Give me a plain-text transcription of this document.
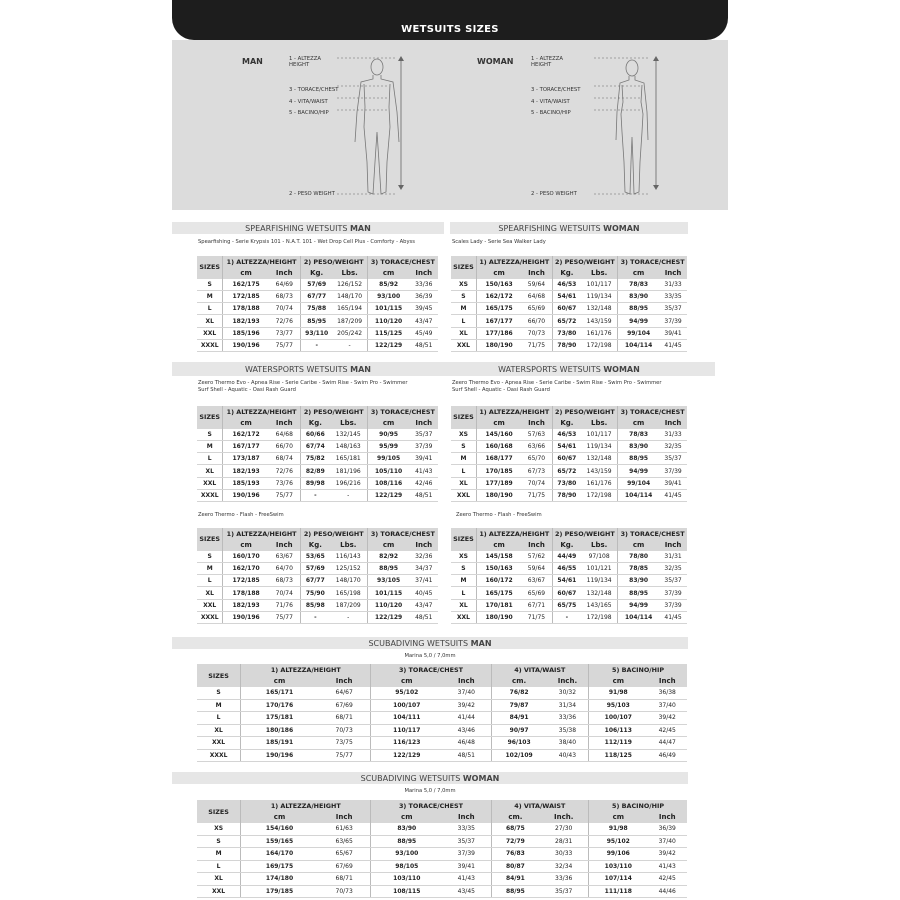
WETSUITS SIZES
MAN	1 - ALTEZZA
HEIGHT
3 - TORACE/CHEST
4 - VITA/WAIST
5 - BACINO/HIP
2 - PESO WEIGHT
WOMAN	1 - ALTEZZA
HEIGHT
3 - TORACE/CHEST
4 - VITA/WAIST
5 - BACINO/HIP
2 - PESO WEIGHT
SPEARFISHING WETSUITS MAN	SPEARFISHING WETSUITS WOMAN
Spearfishing - Serie Krypsis 101 - N.A.T. 101 - Wet Drop Cell Plus - Comforty - Abyss	Scales Lady - Serie Sea Walker Lady
WATERSPORTS WETSUITS MAN	WATERSPORTS WETSUITS WOMAN
Zeero Thermo Evo - Apnea Rise - Serie Caribe - Swim Rise - Swim Pro - Swimmer
Surf Shell - Aquatic - Oasi Rash Guard
Zeero Thermo Evo - Apnea Rise - Serie Caribe - Swim Rise - Swim Pro - Swimmer
Surf Shell - Aquatic - Oasi Rash Guard
Zeero Thermo - Flash - FreeSwim	Zeero Thermo - Flash - FreeSwim
SCUBADIVING WETSUITS MAN
Marina 5,0 / 7,0mm
SCUBADIVING WETSUITS WOMAN
Marina 5,0 / 7,0mm
SIZES	1) ALTEZZA/HEIGHT		2) PESO/WEIGHT		3) TORACE/CHEST	
	cm	Inch	Kg.	Lbs.	cm	Inch
S	162/175	64/69	57/69	126/152	85/92	33/36
M	172/185	68/73	67/77	148/170	93/100	36/39
L	178/188	70/74	75/88	165/194	101/115	39/45
XL	182/193	72/76	85/95	187/209	110/120	43/47
XXL	185/196	73/77	93/110	205/242	115/125	45/49
XXXL	190/196	75/77	-	-	122/129	48/51
SIZES	1) ALTEZZA/HEIGHT		2) PESO/WEIGHT		3) TORACE/CHEST	
	cm	Inch	Kg.	Lbs.	cm	Inch
XS	150/163	59/64	46/53	101/117	78/83	31/33
S	162/172	64/68	54/61	119/134	83/90	33/35
M	165/175	65/69	60/67	132/148	88/95	35/37
L	167/177	66/70	65/72	143/159	94/99	37/39
XL	177/186	70/73	73/80	161/176	99/104	39/41
XXL	180/190	71/75	78/90	172/198	104/114	41/45
SIZES	1) ALTEZZA/HEIGHT		2) PESO/WEIGHT		3) TORACE/CHEST	
	cm	Inch	Kg.	Lbs.	cm	Inch
S	162/172	64/68	60/66	132/145	90/95	35/37
M	167/177	66/70	67/74	148/163	95/99	37/39
L	173/187	68/74	75/82	165/181	99/105	39/41
XL	182/193	72/76	82/89	181/196	105/110	41/43
XXL	185/193	73/76	89/98	196/216	108/116	42/46
XXXL	190/196	75/77	-	-	122/129	48/51
SIZES	1) ALTEZZA/HEIGHT		2) PESO/WEIGHT		3) TORACE/CHEST	
	cm	Inch	Kg.	Lbs.	cm	Inch
XS	145/160	57/63	46/53	101/117	78/83	31/33
S	160/168	63/66	54/61	119/134	83/90	32/35
M	168/177	65/70	60/67	132/148	88/95	35/37
L	170/185	67/73	65/72	143/159	94/99	37/39
XL	177/189	70/74	73/80	161/176	99/104	39/41
XXL	180/190	71/75	78/90	172/198	104/114	41/45
SIZES	1) ALTEZZA/HEIGHT		2) PESO/WEIGHT		3) TORACE/CHEST	
	cm	Inch	Kg.	Lbs.	cm	Inch
S	160/170	63/67	53/65	116/143	82/92	32/36
M	162/170	64/70	57/69	125/152	88/95	34/37
L	172/185	68/73	67/77	148/170	93/105	37/41
XL	178/188	70/74	75/90	165/198	101/115	40/45
XXL	182/193	71/76	85/98	187/209	110/120	43/47
XXXL	190/196	75/77	-	-	122/129	48/51
SIZES	1) ALTEZZA/HEIGHT		2) PESO/WEIGHT		3) TORACE/CHEST	
	cm	Inch	Kg.	Lbs.	cm	Inch
XS	145/158	57/62	44/49	97/108	78/80	31/31
S	150/163	59/64	46/55	101/121	78/85	32/35
M	160/172	63/67	54/61	119/134	83/90	35/37
L	165/175	65/69	60/67	132/148	88/95	37/39
XL	170/181	67/71	65/75	143/165	94/99	37/39
XXL	180/190	71/75	-	172/198	104/114	41/45
SIZES	1) ALTEZZA/HEIGHT		3) TORACE/CHEST		4) VITA/WAIST		5) BACINO/HIP	
	cm	Inch	cm	Inch	cm.	Inch.	cm	Inch
S	165/171	64/67	95/102	37/40	76/82	30/32	91/98	36/38
M	170/176	67/69	100/107	39/42	79/87	31/34	95/103	37/40
L	175/181	68/71	104/111	41/44	84/91	33/36	100/107	39/42
XL	180/186	70/73	110/117	43/46	90/97	35/38	106/113	42/45
XXL	185/191	73/75	116/123	46/48	96/103	38/40	112/119	44/47
XXXL	190/196	75/77	122/129	48/51	102/109	40/43	118/125	46/49
SIZES	1) ALTEZZA/HEIGHT		3) TORACE/CHEST		4) VITA/WAIST		5) BACINO/HIP	
	cm	Inch	cm	Inch	cm.	Inch.	cm	Inch
XS	154/160	61/63	83/90	33/35	68/75	27/30	91/98	36/39
S	159/165	63/65	88/95	35/37	72/79	28/31	95/102	37/40
M	164/170	65/67	93/100	37/39	76/83	30/33	99/106	39/42
L	169/175	67/69	98/105	39/41	80/87	32/34	103/110	41/43
XL	174/180	68/71	103/110	41/43	84/91	33/36	107/114	42/45
XXL	179/185	70/73	108/115	43/45	88/95	35/37	111/118	44/46
